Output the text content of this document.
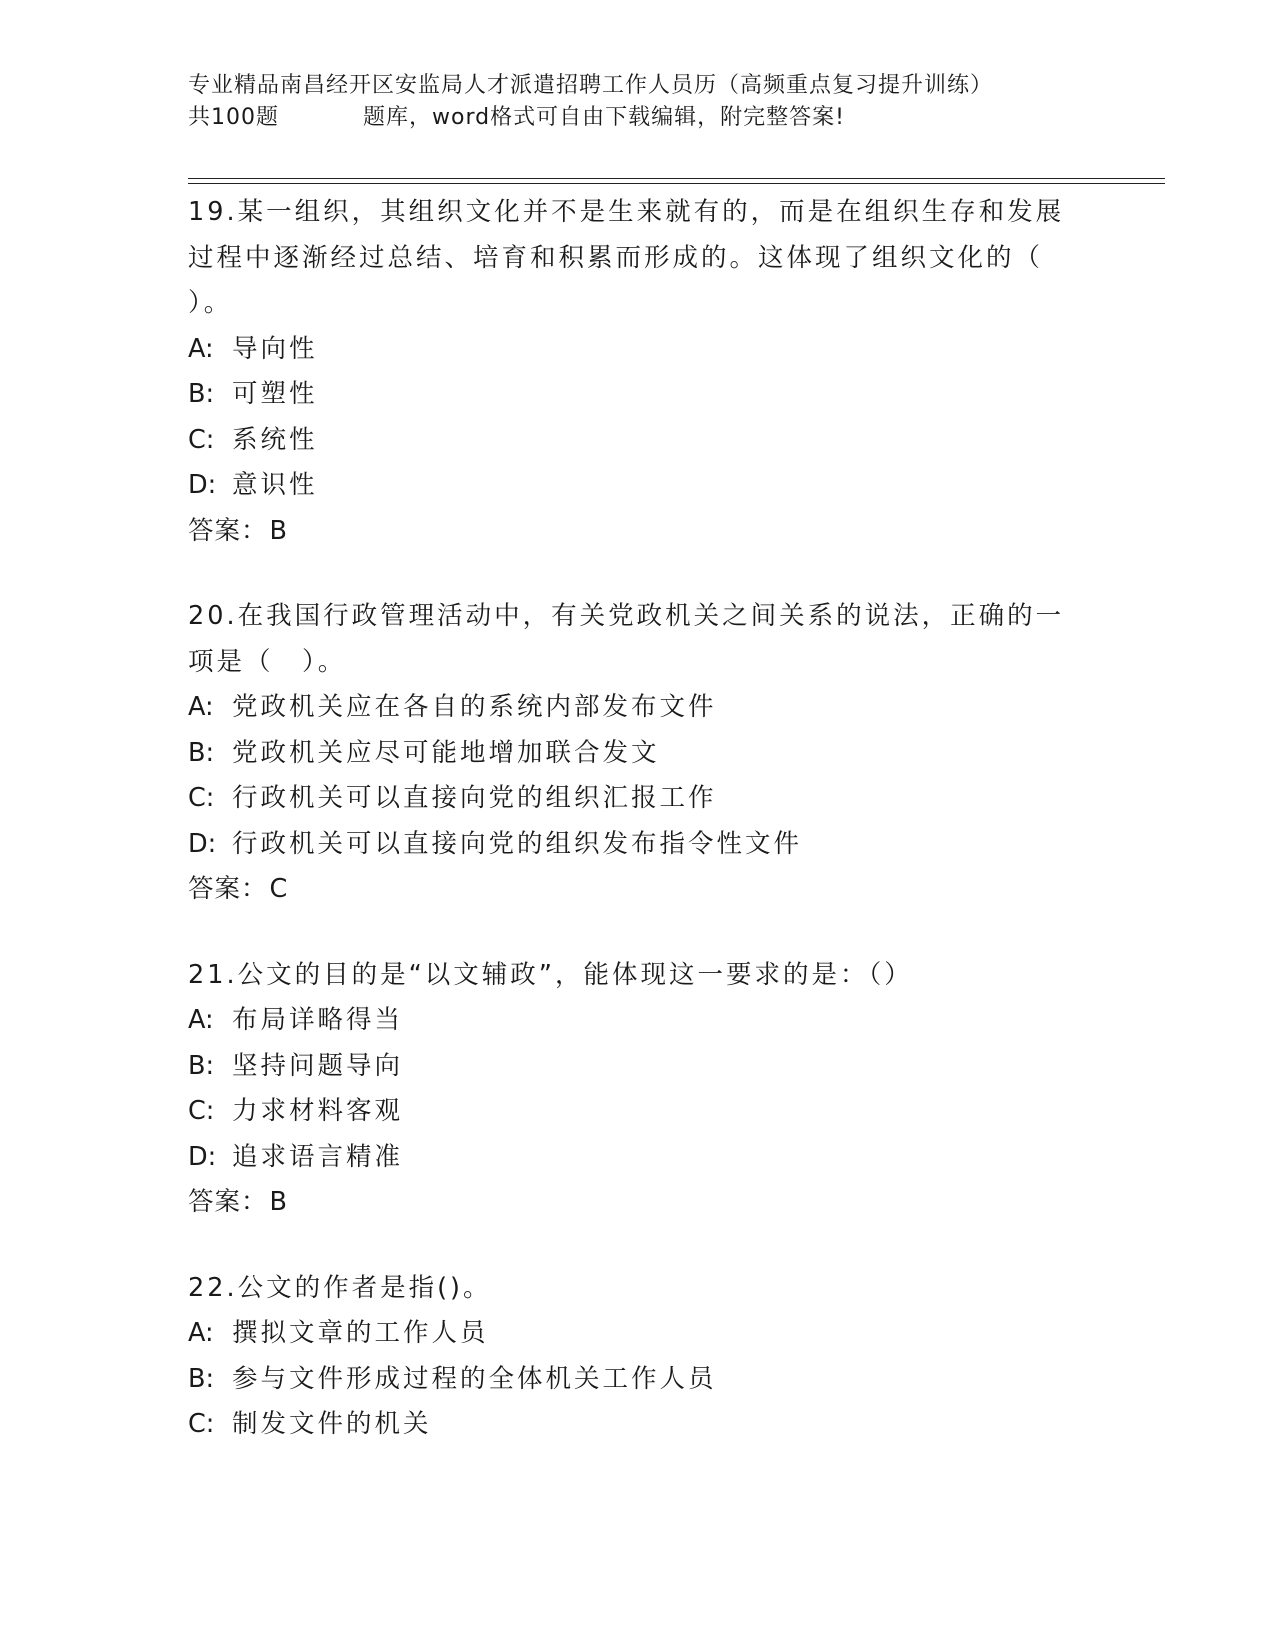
专业精品南昌经开区安监局人才派遣招聘工作人员历（高频重点复习提升训练）
共100题	题库，word格式可自由下载编辑，附完整答案!
19.某一组织，其组织文化并不是生来就有的，而是在组织生存和发展过程中逐渐经过总结、培育和积累而形成的。这体现了组织文化的（ ）。
A: 导向性
B: 可塑性
C: 系统性
D: 意识性
答案：B
20.在我国行政管理活动中，有关党政机关之间关系的说法，正确的一项是（　）。
A: 党政机关应在各自的系统内部发布文件
B: 党政机关应尽可能地增加联合发文
C: 行政机关可以直接向党的组织汇报工作
D: 行政机关可以直接向党的组织发布指令性文件
答案：C
21.公文的目的是“以文辅政”，能体现这一要求的是：（）
A: 布局详略得当
B: 坚持问题导向
C: 力求材料客观
D: 追求语言精准
答案：B
22.公文的作者是指()。
A: 撰拟文章的工作人员
B: 参与文件形成过程的全体机关工作人员
C: 制发文件的机关
